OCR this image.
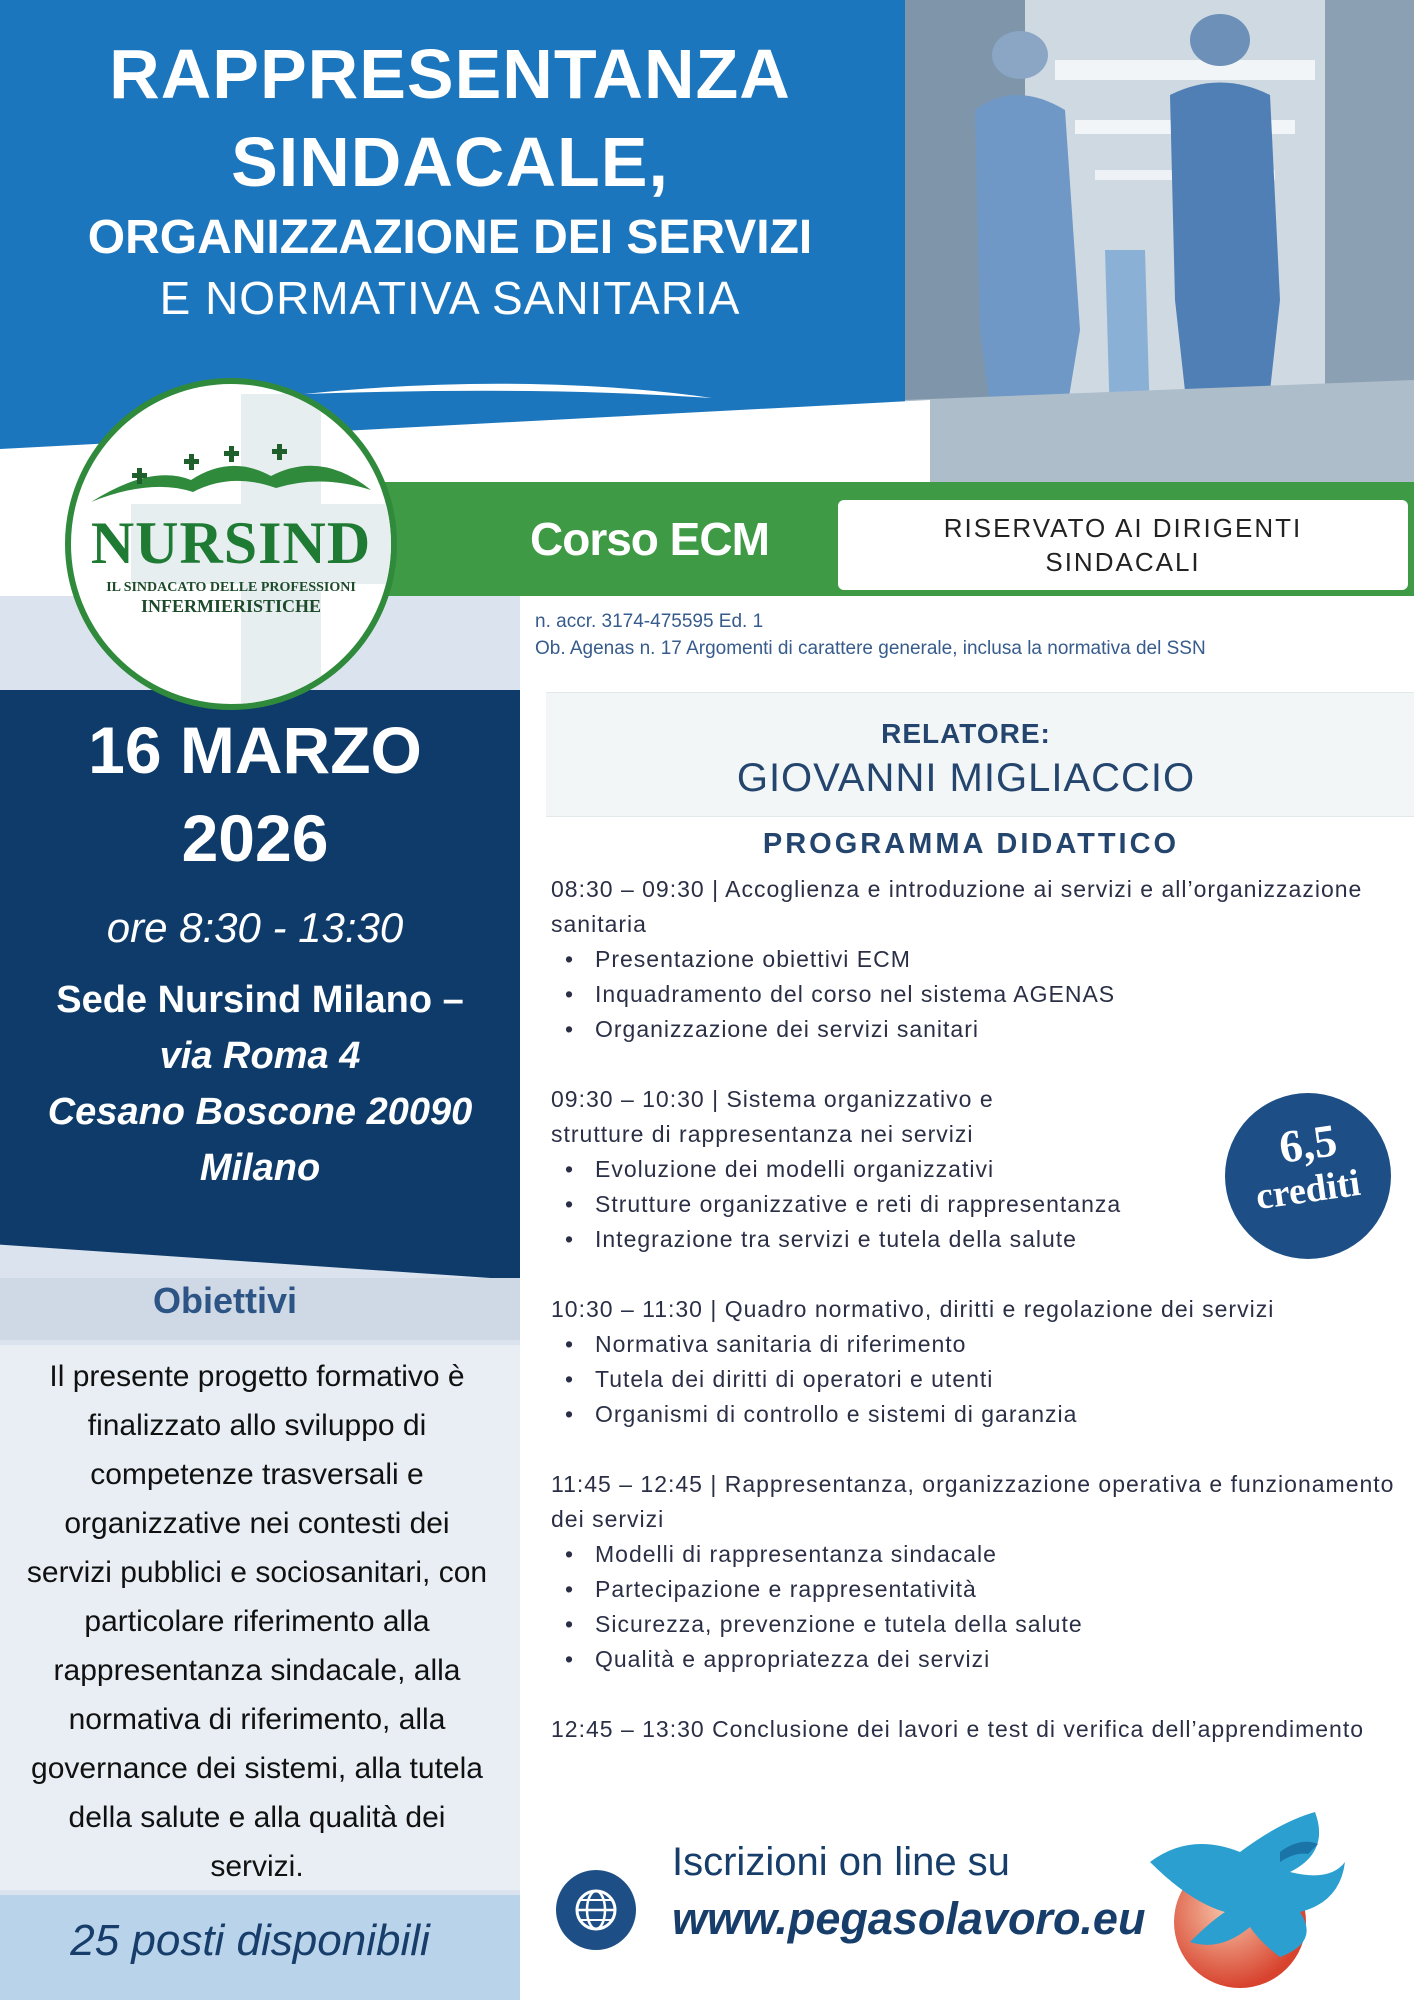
RAPPRESENTANZA
SINDACALE,
ORGANIZZAZIONE DEI SERVIZI
E NORMATIVA SANITARIA
Corso ECM	RISERVATO AI DIRIGENTI SINDACALI
n. accr. 3174-475595 Ed. 1
Ob. Agenas n. 17 Argomenti di carattere generale, inclusa la normativa del SSN
16 MARZO
2026
ore 8:30 - 13:30
Sede Nursind Milano –
via Roma 4
Cesano Boscone 20090
Milano
Obiettivi
Il presente progetto formativo è finalizzato allo sviluppo di competenze trasversali e organizzative nei contesti dei servizi pubblici e sociosanitari, con particolare riferimento alla rappresentanza sindacale, alla normativa di riferimento, alla governance dei sistemi, alla tutela della salute e alla qualità dei servizi.
25 posti disponibili
NURSIND
IL SINDACATO DELLE PROFESSIONI
INFERMIERISTICHE
RELATORE:
GIOVANNI MIGLIACCIO
PROGRAMMA DIDATTICO
08:30 – 09:30 | Accoglienza e introduzione ai servizi e all’organizzazione sanitaria
• Presentazione obiettivi ECM
• Inquadramento del corso nel sistema AGENAS
• Organizzazione dei servizi sanitari
09:30 – 10:30 | Sistema organizzativo e
strutture di rappresentanza nei servizi
• Evoluzione dei modelli organizzativi
• Strutture organizzative e reti di rappresentanza
• Integrazione tra servizi e tutela della salute
10:30 – 11:30 | Quadro normativo, diritti e regolazione dei servizi
• Normativa sanitaria di riferimento
• Tutela dei diritti di operatori e utenti
• Organismi di controllo e sistemi di garanzia
11:45 – 12:45 | Rappresentanza, organizzazione operativa e funzionamento dei servizi
• Modelli di rappresentanza sindacale
• Partecipazione e rappresentatività
• Sicurezza, prevenzione e tutela della salute
• Qualità e appropriatezza dei servizi
12:45 – 13:30 Conclusione dei lavori e test di verifica dell’apprendimento
6,5
crediti
Iscrizioni on line su
www.pegasolavoro.eu
